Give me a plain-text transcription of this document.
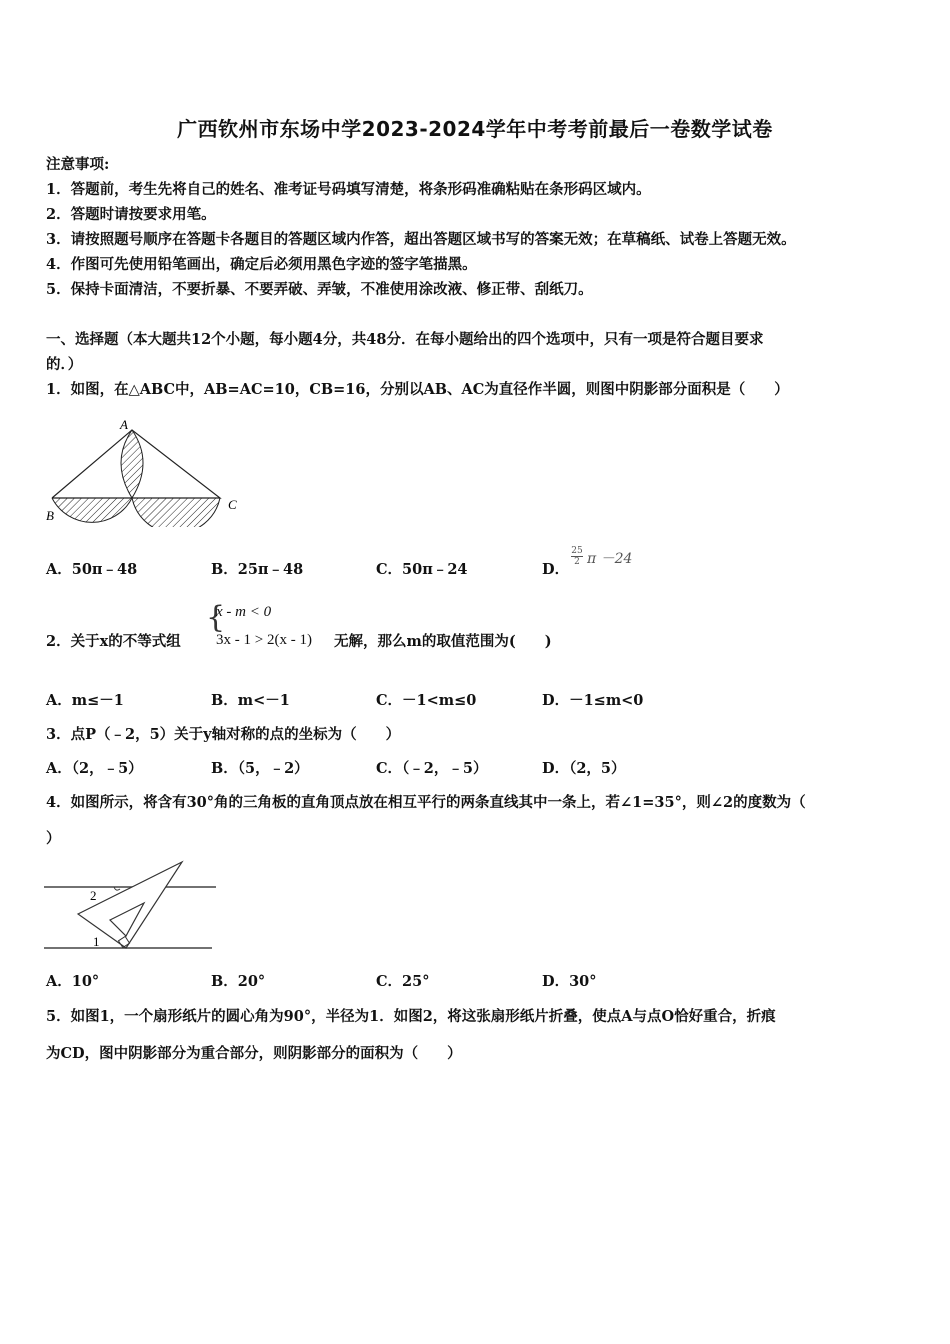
广西钦州市东场中学2023-2024学年中考考前最后一卷数学试卷
注意事项:
1．答题前，考生先将自己的姓名、准考证号码填写清楚，将条形码准确粘贴在条形码区域内。
2．答题时请按要求用笔。
3．请按照题号顺序在答题卡各题目的答题区域内作答，超出答题区域书写的答案无效；在草稿纸、试卷上答题无效。
4．作图可先使用铅笔画出，确定后必须用黑色字迹的签字笔描黑。
5．保持卡面清洁，不要折暴、不要弄破、弄皱，不准使用涂改液、修正带、刮纸刀。
一、选择题（本大题共12个小题，每小题4分，共48分．在每小题给出的四个选项中，只有一项是符合题目要求
的．）
1．如图，在△ABC中，AB=AC=10，CB=16，分别以AB、AC为直径作半圆，则图中阴影部分面积是（　　）
A
B
C
A．50π﹣48	B．25π﹣48	C．50π﹣24	D．
25
2 π －24
2．关于x的不等式组
{
x - m < 0
3x - 1 > 2(x - 1) 无解，那么m的取值范围为(　　)
A．m≤－1	B．m<－1	C．－1<m≤0	D．－1≤m<0
3．点P（﹣2，5）关于y轴对称的点的坐标为（　　）
A．（2，﹣5）	B．（5，﹣2）	C．（﹣2，﹣5）	D．（2，5）
4．如图所示，将含有30°角的三角板的直角顶点放在相互平行的两条直线其中一条上，若∠1=35°，则∠2的度数为（
）
2
1
A．10°	B．20°	C．25°	D．30°
5．如图1，一个扇形纸片的圆心角为90°，半径为1．如图2，将这张扇形纸片折叠，使点A与点O恰好重合，折痕
为CD，图中阴影部分为重合部分，则阴影部分的面积为（　　）
